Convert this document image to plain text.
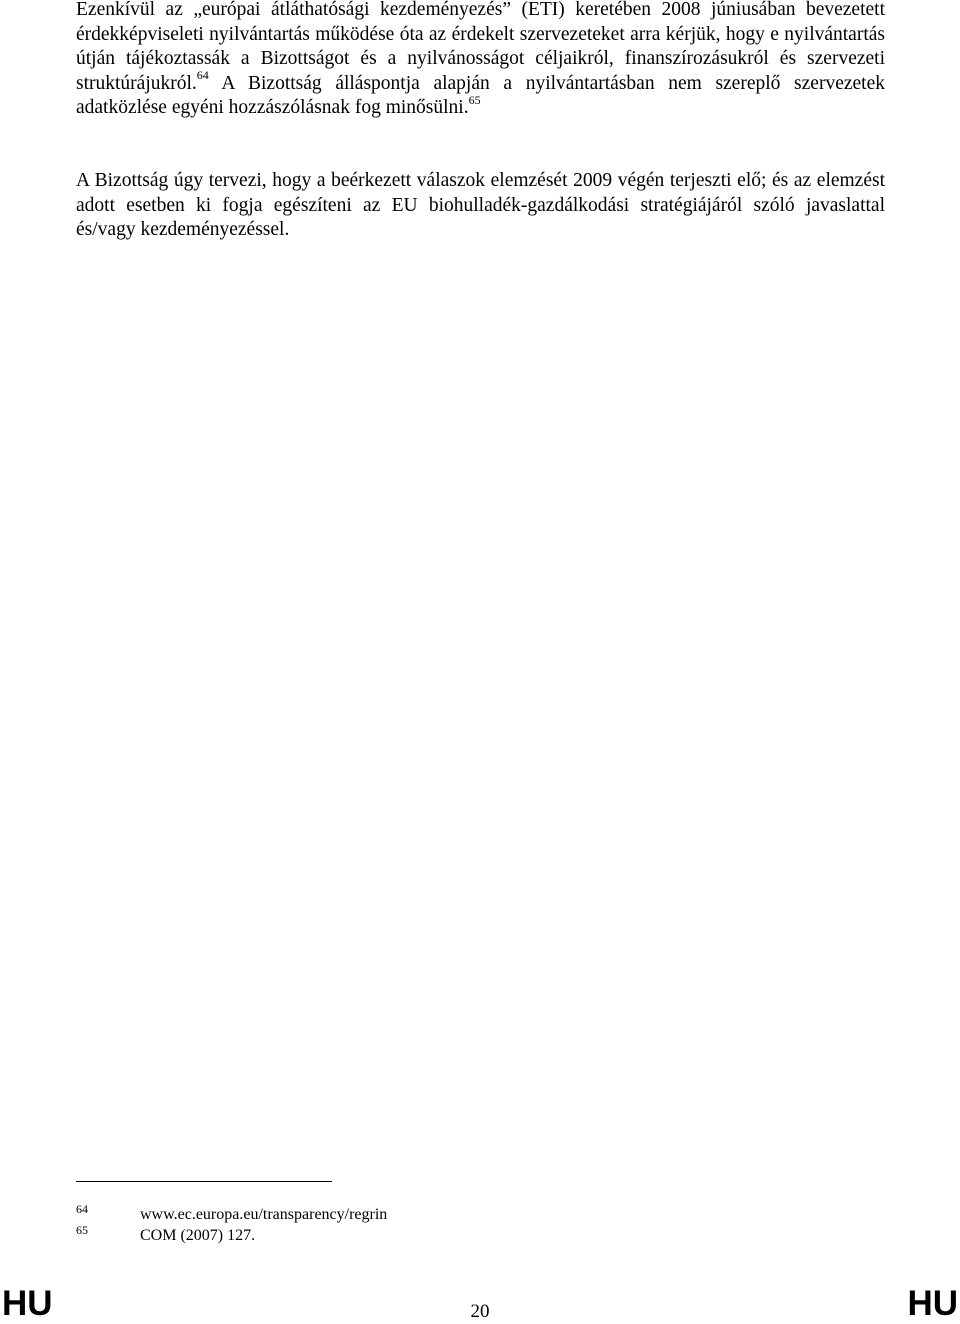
Ezenkívül az „európai átláthatósági kezdeményezés” (ETI) keretében 2008 júniusában bevezetett érdekképviseleti nyilvántartás működése óta az érdekelt szervezeteket arra kérjük, hogy e nyilvántartás útján tájékoztassák a Bizottságot és a nyilvánosságot céljaikról, finanszírozásukról és szervezeti struktúrájukról.$^{64}$ A Bizottság álláspontja alapján a nyilvántartásban nem szereplő szervezetek adatközlése egyéni hozzászólásnak fog minősülni.$^{65}$

A Bizottság úgy tervezi, hogy a beérkezett válaszok elemzését 2009 végén terjeszti elő; és az elemzést adott esetben ki fogja egészíteni az EU biohulladék-gazdálkodási stratégiájáról szóló javaslattal és/vagy kezdeményezéssel.

64	www.ec.europa.eu/transparency/regrin
65	COM (2007) 127.
HU	20	HU
